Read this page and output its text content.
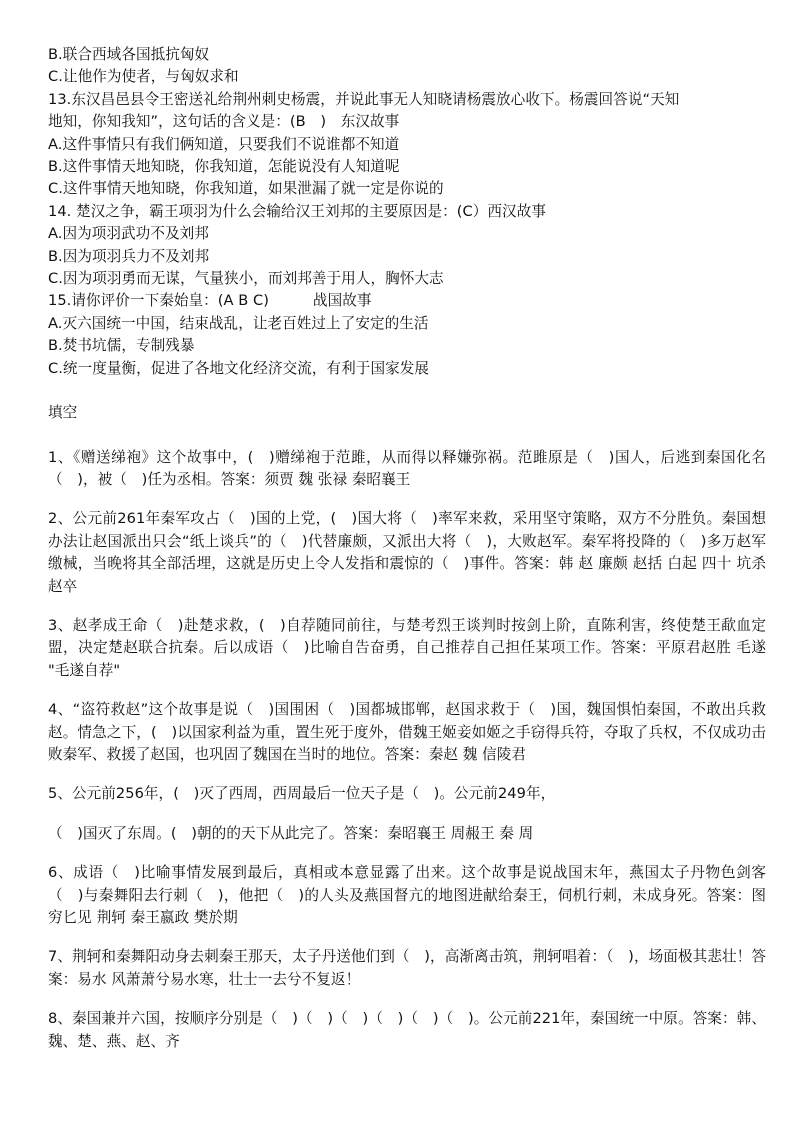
B.联合西域各国抵抗匈奴

C.让他作为使者，与匈奴求和

13.东汉昌邑县令王密送礼给荆州刺史杨震，并说此事无人知晓请杨震放心收下。杨震回答说“天知

地知，你知我知”，这句话的含义是：(B　)　东汉故事

A.这件事情只有我们俩知道，只要我们不说谁都不知道

B.这件事情天地知晓，你我知道，怎能说没有人知道呢

C.这件事情天地知晓，你我知道，如果泄漏了就一定是你说的

14. 楚汉之争，霸王项羽为什么会输给汉王刘邦的主要原因是：(C）西汉故事

A.因为项羽武功不及刘邦

B.因为项羽兵力不及刘邦

C.因为项羽勇而无谋，气量狭小，而刘邦善于用人，胸怀大志

15.请你评价一下秦始皇：(A B C)　　　战国故事

A.灭六国统一中国，结束战乱，让老百姓过上了安定的生活

B.焚书坑儒，专制残暴

C.统一度量衡，促进了各地文化经济交流，有利于国家发展

填空

1、《赠送绨袍》这个故事中，(　)赠绨袍于范雎，从而得以释嫌弥祸。范雎原是（　)国人，后逃到秦国化名（　)，被（　)任为丞相。答案：须贾 魏 张禄 秦昭襄王

2、公元前261年秦军攻占（　)国的上党，(　)国大将（　)率军来救，采用坚守策略，双方不分胜负。秦国想办法让赵国派出只会“纸上谈兵”的（　)代替廉颇，又派出大将（　)，大败赵军。秦军将投降的（　)多万赵军缴械，当晚将其全部活埋，这就是历史上令人发指和震惊的（　)事件。答案：韩 赵 廉颇 赵括 白起 四十 坑杀赵卒

3、赵孝成王命（　)赴楚求救，(　)自荐随同前往，与楚考烈王谈判时按剑上阶，直陈利害，终使楚王歃血定盟，决定楚赵联合抗秦。后以成语（　)比喻自告奋勇，自己推荐自己担任某项工作。答案：平原君赵胜 毛遂 "毛遂自荐"

4、“盗符救赵”这个故事是说（　)国围困（　)国都城邯郸，赵国求救于（　)国，魏国惧怕秦国，不敢出兵救赵。情急之下，(　)以国家利益为重，置生死于度外，借魏王姬妾如姬之手窃得兵符，夺取了兵权，不仅成功击败秦军、救援了赵国，也巩固了魏国在当时的地位。答案：秦赵 魏 信陵君

5、公元前256年，(　)灭了西周，西周最后一位天子是（　)。公元前249年，

（　)国灭了东周。(　)朝的的天下从此完了。答案：秦昭襄王 周赧王 秦 周

6、成语（　)比喻事情发展到最后，真相或本意显露了出来。这个故事是说战国末年，燕国太子丹物色剑客（　)与秦舞阳去行刺（　)，他把（　)的人头及燕国督亢的地图进献给秦王，伺机行刺，未成身死。答案：图穷匕见 荆轲 秦王嬴政 樊於期

7、荆轲和秦舞阳动身去刺秦王那天，太子丹送他们到（　)，高渐离击筑，荆轲唱着：（　)，场面极其悲壮！答案：易水 风萧萧兮易水寒，壮士一去兮不复返！

8、秦国兼并六国，按顺序分别是（　)（　)（　)（　)（　)（　)。公元前221年，秦国统一中原。答案：韩、魏、楚、燕、赵、齐
